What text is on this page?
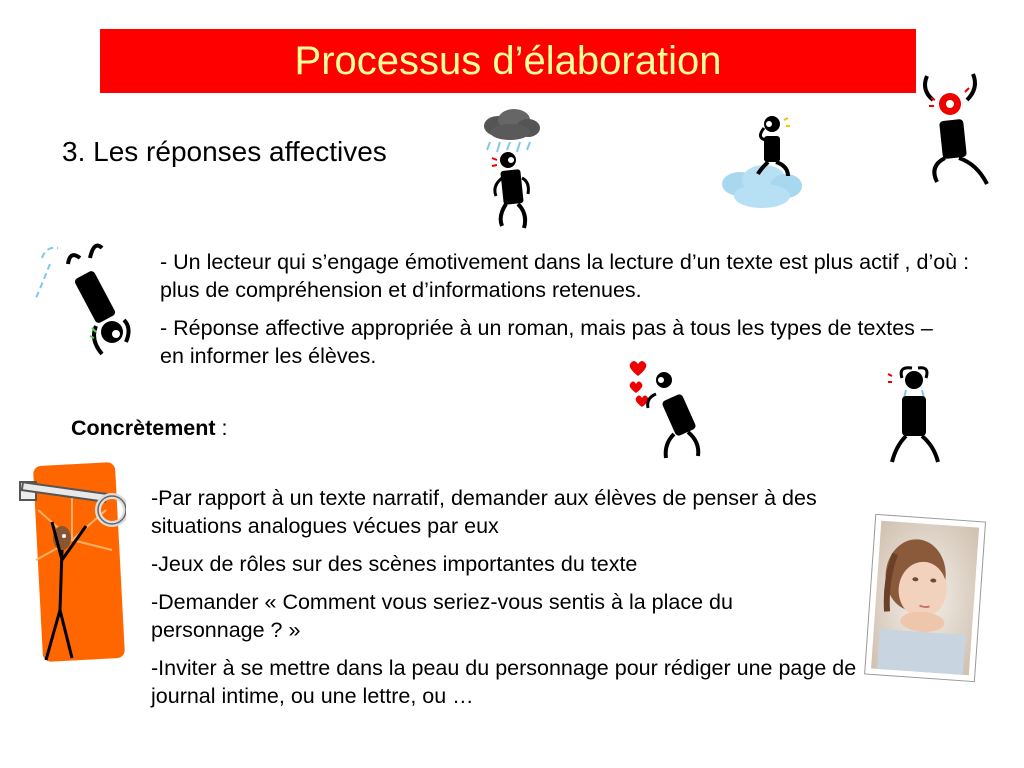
Processus d’élaboration
3. Les réponses affectives

- Un lecteur qui s’engage émotivement dans la lecture d’un texte est plus actif , d’où : plus de compréhension et d’informations retenues.

- Réponse affective appropriée à un roman, mais pas à tous les types de textes – en informer les élèves.

Concrètement :

-Par rapport à un texte narratif, demander aux élèves de penser à des situations analogues vécues par eux

-Jeux de rôles sur des scènes importantes du texte

-Demander « Comment vous seriez-vous sentis à la place du personnage ? »

-Inviter à se mettre dans la peau du personnage pour rédiger une page de journal intime, ou une lettre, ou …
